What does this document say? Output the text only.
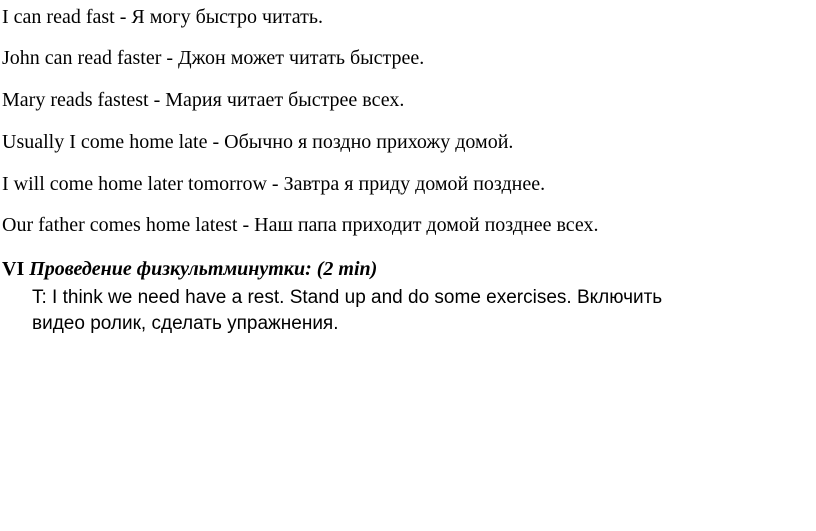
I can read fast - Я могу быстро читать.
John can read faster - Джон может читать быстрее.
Mary reads fastest - Мария читает быстрее всех.
Usually I come home late - Обычно я поздно прихожу домой.
I will come home later tomorrow - Завтра я приду домой позднее.
Our father comes home latest - Наш папа приходит домой позднее всех.
VI Проведение физкультминутки: (2 min)
T: I think we need have a rest. Stand up and do some exercises. Включить
видео ролик, сделать упражнения.
